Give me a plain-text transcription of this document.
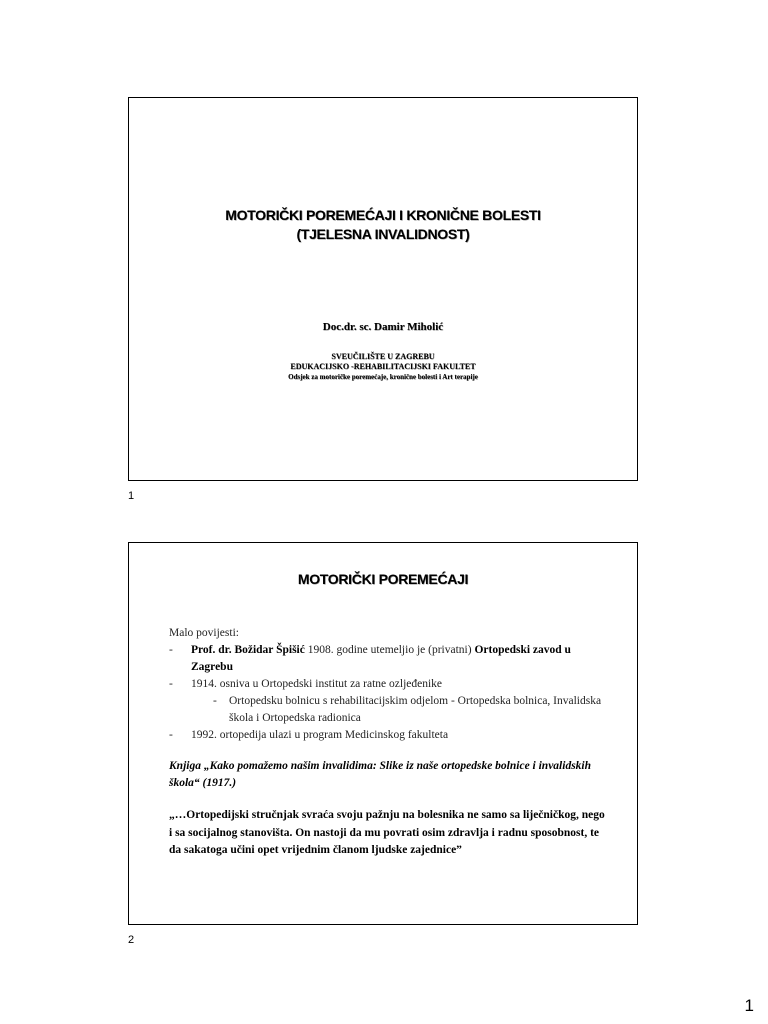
MOTORIČKI POREMEĆAJI I KRONIČNE BOLESTI
(TJELESNA INVALIDNOST)
Doc.dr. sc. Damir Miholić
SVEUČILIŠTE U ZAGREBU
EDUKACIJSKO -REHABILITACIJSKI FAKULTET
Odsjek za motoričke poremećaje, kronične bolesti i Art terapije
1
MOTORIČKI POREMEĆAJI
Malo povijesti:
-	Prof. dr. Božidar Špišić 1908. godine utemeljio je (privatni) Ortopedski zavod u Zagrebu
-	1914. osniva u Ortopedski institut za ratne ozljeđenike
-	Ortopedsku bolnicu s rehabilitacijskim odjelom - Ortopedska bolnica, Invalidska škola i Ortopedska radionica
-	1992. ortopedija ulazi u program Medicinskog fakulteta
Knjiga „Kako pomažemo našim invalidima: Slike iz naše ortopedske bolnice i invalidskih škola“ (1917.)
„…Ortopedijski stručnjak svraća svoju pažnju na bolesnika ne samo sa liječničkog, nego i sa socijalnog stanovišta. On nastoji da mu povrati osim zdravlja i radnu sposobnost, te da sakatoga učini opet vrijednim članom ljudske zajednice”
2
1
